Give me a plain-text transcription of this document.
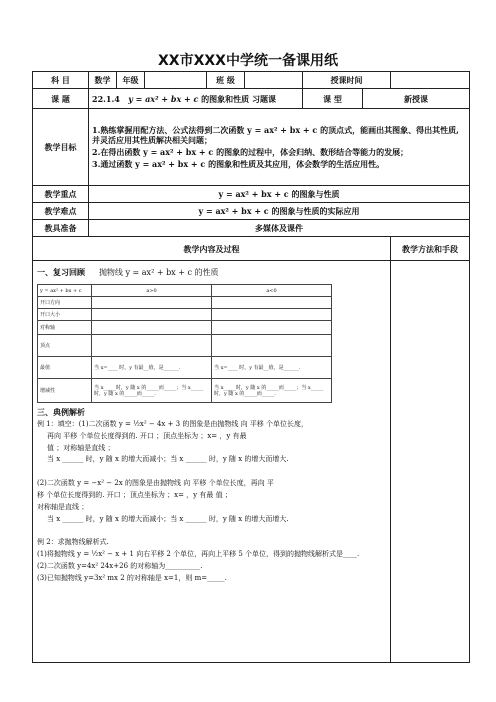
XX市XXX中学统一备课用纸
科 目	数学	年级		班 级		授课时间	
课 题	22.1.4 y = ax² + bx + c 的图象和性质 习题课	课 型	新授课
教学目标	
1.熟练掌握用配方法、公式法得到二次函数 y = ax² + bx + c 的顶点式，能画出其图象、得出其性质,并灵活应用其性质解决相关问题；
2.在得出函数 y = ax² + bx + c 的图象的过程中，体会归纳、数形结合等能力的发展；
3.通过函数 y = ax² + bx + c 的图象和性质及其应用，体会数学的生活应用性。

教学重点	y = ax² + bx + c 的图象与性质
教学难点	y = ax² + bx + c 的图象与性质的实际应用
教具准备	多媒体及课件
教学内容及过程	教学方法和手段

一、复习回顾 抛物线 y = ax² + bx + c 的性质
y = ax² + bx + c	a>0	a<0
开口方向		
开口大小		
对称轴		
顶点		
最值	当 x=____ 时，y 有最__值，是______.	当 x=____ 时，y 有最__值，是______.
增减性	当 x_____时，y 随 x 的_____而_____；当 x_____时，y 随 x 的_____而_____.	当 x_____时，y 随 x 的_____而_____；当 x_____时，y 随 x 的_____而_____.
三、典例解析
例 1：填空：(1)二次函数 y = ½x² − 4x + 3 的图象是由抛物线 向 平移 个单位长度，
再向 平移 个单位长度得到的. 开口 ；顶点坐标为 ；x= ，y 有最
值 ；对称轴是直线 ；
当 x ______ 时，y 随 x 的增大而减小；当 x ______ 时，y 随 x 的增大而增大.
(2)二次函数 y = −x² − 2x 的图象是由抛物线 向 平移 个单位长度，再向 平
移 个单位长度得到的. 开口 ；顶点坐标为 ；x= ，y 有最 值 ；
对称轴是直线 ；
当 x ______ 时，y 随 x 的增大而减小；当 x ______ 时，y 随 x 的增大而增大.
例 2：求抛物线解析式.
(1)将抛物线 y = ½x² − x + 1 向右平移 2 个单位，再向上平移 5 个单位，得到的抛物线解析式是____.
(2)二次函数 y=4x² 24x+26 的对称轴为__________.
(3)已知抛物线 y=3x² mx 2 的对称轴是 x=1，则 m=_____.
